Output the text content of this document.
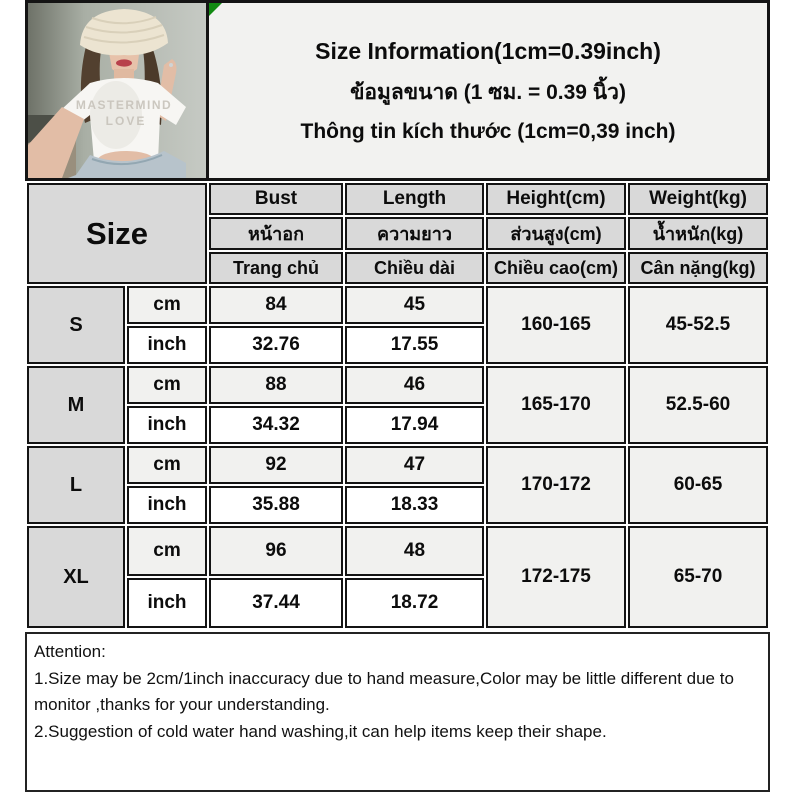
MASTERMIND
LOVE
Size Information(1cm=0.39inch)
ข้อมูลขนาด (1 ซม. = 0.39 นิ้ว)
Thông tin kích thước (1cm=0,39 inch)
Size		Bust	Length	Height(cm)	Weight(kg)
		หน้าอก	ความยาว	ส่วนสูง(cm)	น้ำหนัก(kg)
		Trang chủ	Chiều dài	Chiều cao(cm)	Cân nặng(kg)
S	cm	84	45	160-165	45-52.5
	inch	32.76	17.55		
M	cm	88	46	165-170	52.5-60
	inch	34.32	17.94		
L	cm	92	47	170-172	60-65
	inch	35.88	18.33		
XL	cm	96	48	172-175	65-70
	inch	37.44	18.72		
Attention:
1.Size may be 2cm/1inch inaccuracy due to hand measure,Color may be little different due to monitor ,thanks for your understanding.
2.Suggestion of cold water hand washing,it can help items keep their shape.
